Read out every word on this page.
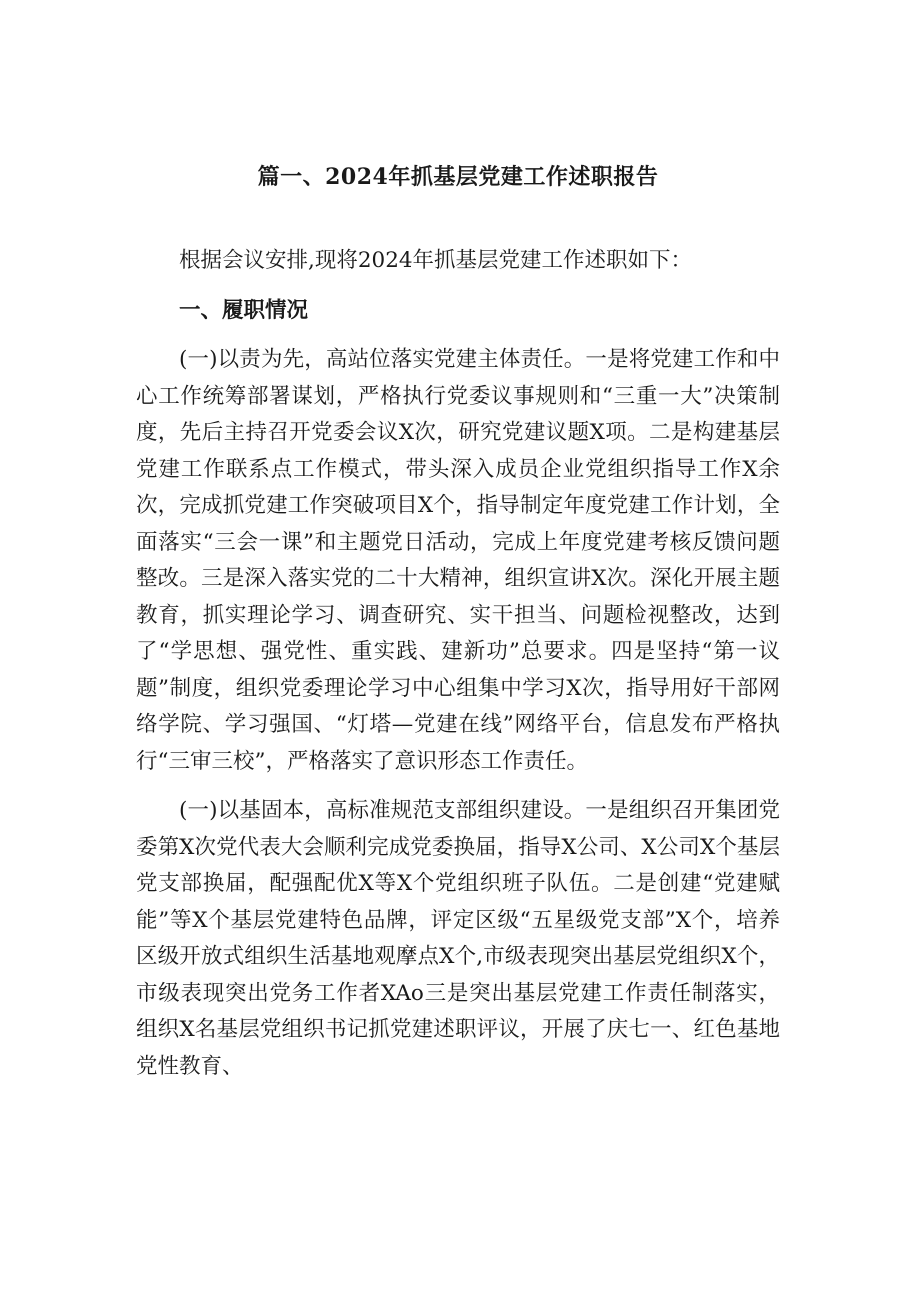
篇一、2024年抓基层党建工作述职报告

根据会议安排,现将2024年抓基层党建工作述职如下：

一、履职情况

(一)以责为先，高站位落实党建主体责任。一是将党建工作和中心工作统筹部署谋划，严格执行党委议事规则和“三重一大”决策制度，先后主持召开党委会议X次，研究党建议题X项。二是构建基层党建工作联系点工作模式，带头深入成员企业党组织指导工作X余次，完成抓党建工作突破项目X个，指导制定年度党建工作计划，全面落实“三会一课”和主题党日活动，完成上年度党建考核反馈问题整改。三是深入落实党的二十大精神，组织宣讲X次。深化开展主题教育，抓实理论学习、调查研究、实干担当、问题检视整改，达到了“学思想、强党性、重实践、建新功”总要求。四是坚持“第一议题”制度，组织党委理论学习中心组集中学习X次，指导用好干部网络学院、学习强国、“灯塔—党建在线”网络平台，信息发布严格执行“三审三校”，严格落实了意识形态工作责任。

(一)以基固本，高标准规范支部组织建设。一是组织召开集团党委第X次党代表大会顺利完成党委换届，指导X公司、X公司X个基层党支部换届，配强配优X等X个党组织班子队伍。二是创建“党建赋能”等X个基层党建特色品牌，评定区级“五星级党支部”X个，培养区级开放式组织生活基地观摩点X个,市级表现突出基层党组织X个，市级表现突出党务工作者XAo三是突出基层党建工作责任制落实，组织X名基层党组织书记抓党建述职评议，开展了庆七一、红色基地党性教育、
